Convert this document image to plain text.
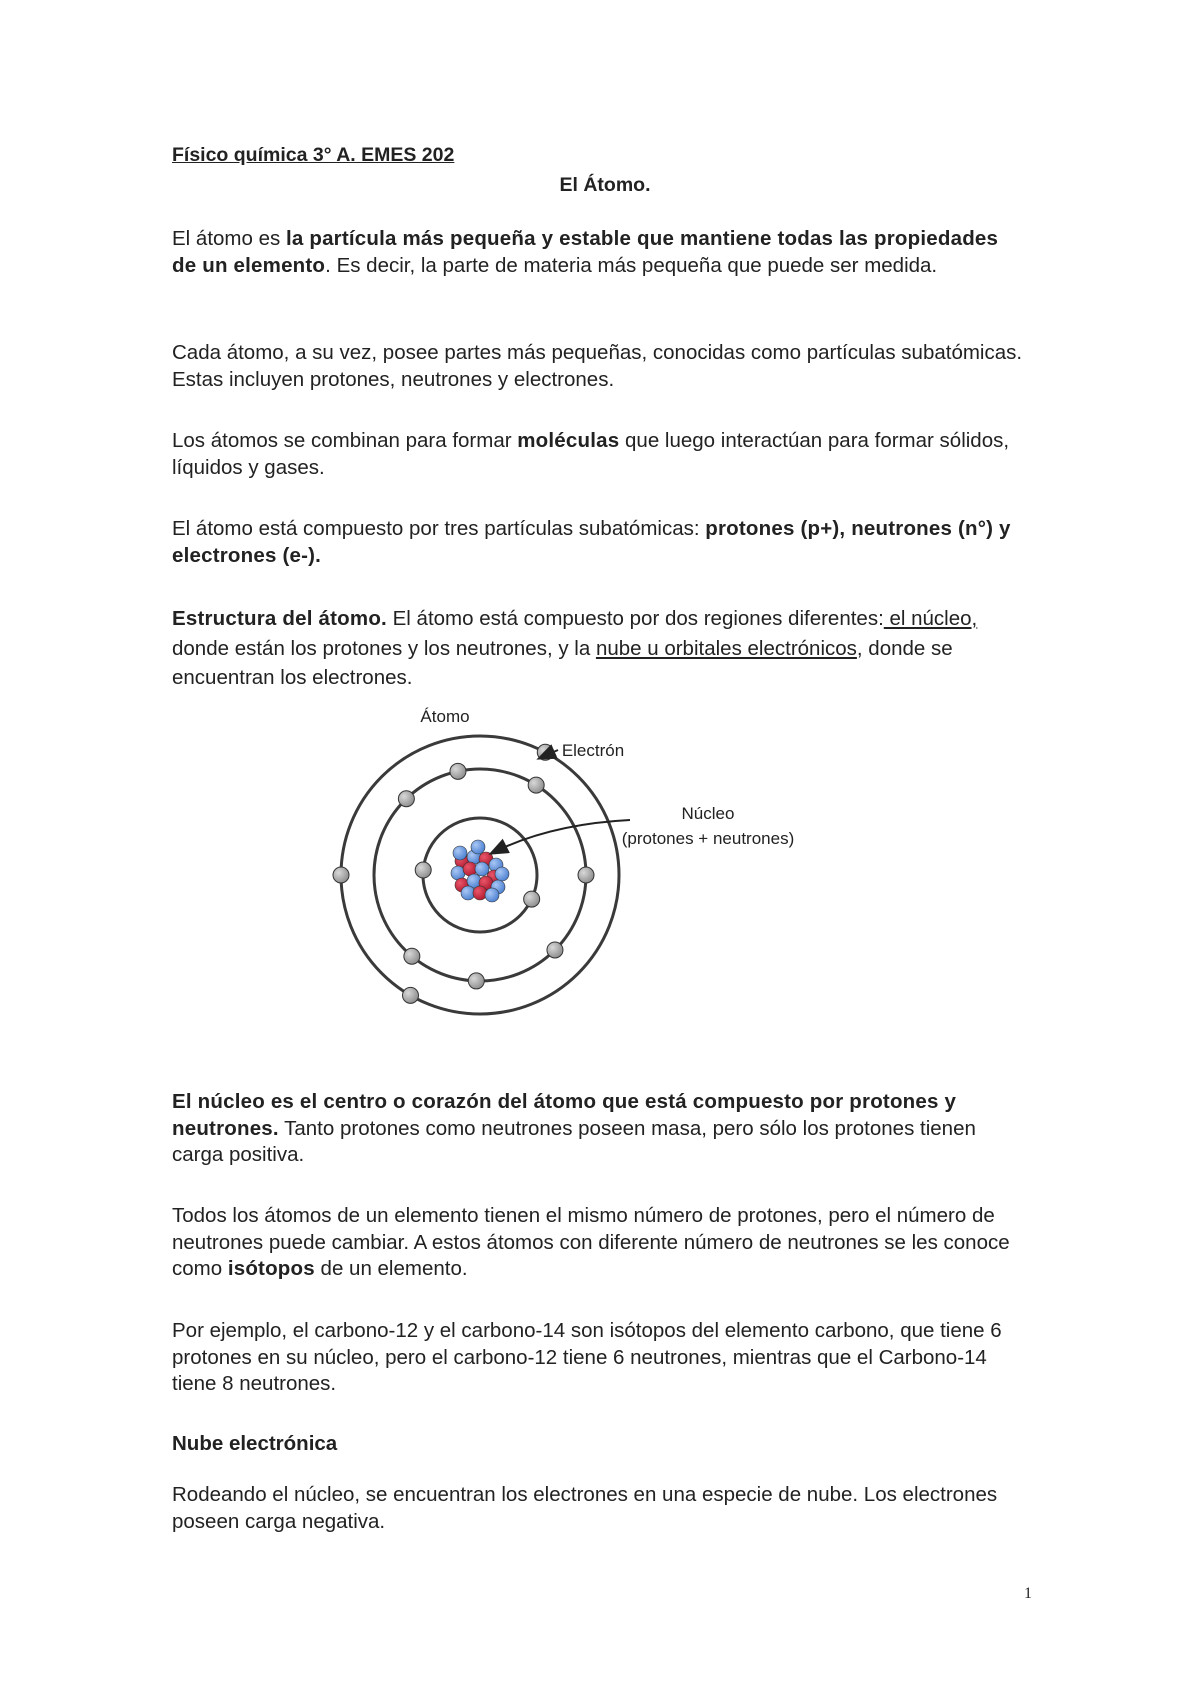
Físico química 3° A. EMES 202

El Átomo.

El átomo es la partícula más pequeña y estable que mantiene todas las propiedades de un elemento. Es decir, la parte de materia más pequeña que puede ser medida.

Cada átomo, a su vez, posee partes más pequeñas, conocidas como partículas subatómicas. Estas incluyen protones, neutrones y electrones.

Los átomos se combinan para formar moléculas que luego interactúan para formar sólidos, líquidos y gases.

El átomo está compuesto por tres partículas subatómicas: protones (p+), neutrones (n°) y electrones (e-).

Estructura del átomo. El átomo está compuesto por dos regiones diferentes: el núcleo, donde están los protones y los neutrones, y la nube u orbitales electrónicos, donde se encuentran los electrones.

Átomo
Electrón
Núcleo
(protones + neutrones)

El núcleo es el centro o corazón del átomo que está compuesto por protones y neutrones. Tanto protones como neutrones poseen masa, pero sólo los protones tienen carga positiva.

Todos los átomos de un elemento tienen el mismo número de protones, pero el número de neutrones puede cambiar. A estos átomos con diferente número de neutrones se les conoce como isótopos de un elemento.

Por ejemplo, el carbono-12 y el carbono-14 son isótopos del elemento carbono, que tiene 6 protones en su núcleo, pero el carbono-12 tiene 6 neutrones, mientras que el Carbono-14 tiene 8 neutrones.

Nube electrónica

Rodeando el núcleo, se encuentran los electrones en una especie de nube. Los electrones poseen carga negativa.

1
